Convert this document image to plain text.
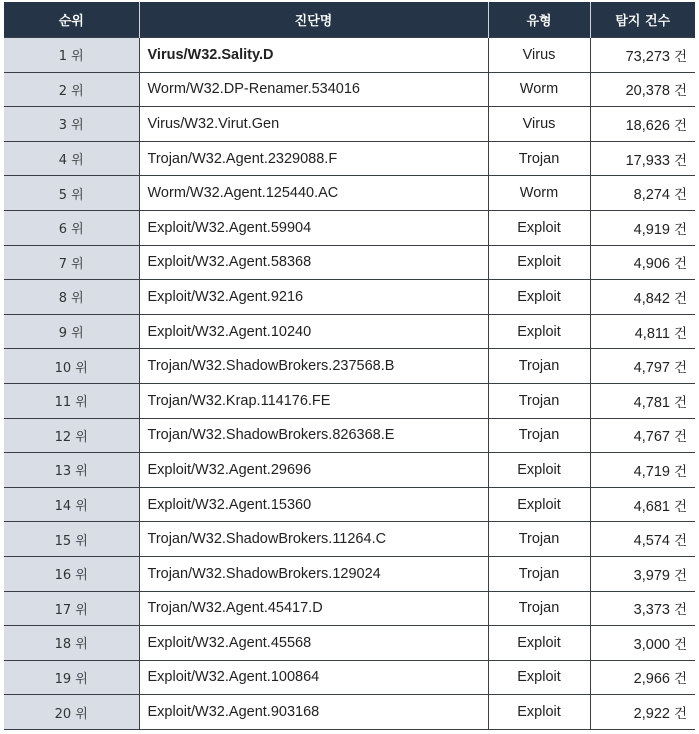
순위	진단명	유형	탐지 건수
1 위	Virus/W32.Sality.D	Virus	73,273 건
2 위	Worm/W32.DP-Renamer.534016	Worm	20,378 건
3 위	Virus/W32.Virut.Gen	Virus	18,626 건
4 위	Trojan/W32.Agent.2329088.F	Trojan	17,933 건
5 위	Worm/W32.Agent.125440.AC	Worm	8,274 건
6 위	Exploit/W32.Agent.59904	Exploit	4,919 건
7 위	Exploit/W32.Agent.58368	Exploit	4,906 건
8 위	Exploit/W32.Agent.9216	Exploit	4,842 건
9 위	Exploit/W32.Agent.10240	Exploit	4,811 건
10 위	Trojan/W32.ShadowBrokers.237568.B	Trojan	4,797 건
11 위	Trojan/W32.Krap.114176.FE	Trojan	4,781 건
12 위	Trojan/W32.ShadowBrokers.826368.E	Trojan	4,767 건
13 위	Exploit/W32.Agent.29696	Exploit	4,719 건
14 위	Exploit/W32.Agent.15360	Exploit	4,681 건
15 위	Trojan/W32.ShadowBrokers.11264.C	Trojan	4,574 건
16 위	Trojan/W32.ShadowBrokers.129024	Trojan	3,979 건
17 위	Trojan/W32.Agent.45417.D	Trojan	3,373 건
18 위	Exploit/W32.Agent.45568	Exploit	3,000 건
19 위	Exploit/W32.Agent.100864	Exploit	2,966 건
20 위	Exploit/W32.Agent.903168	Exploit	2,922 건
